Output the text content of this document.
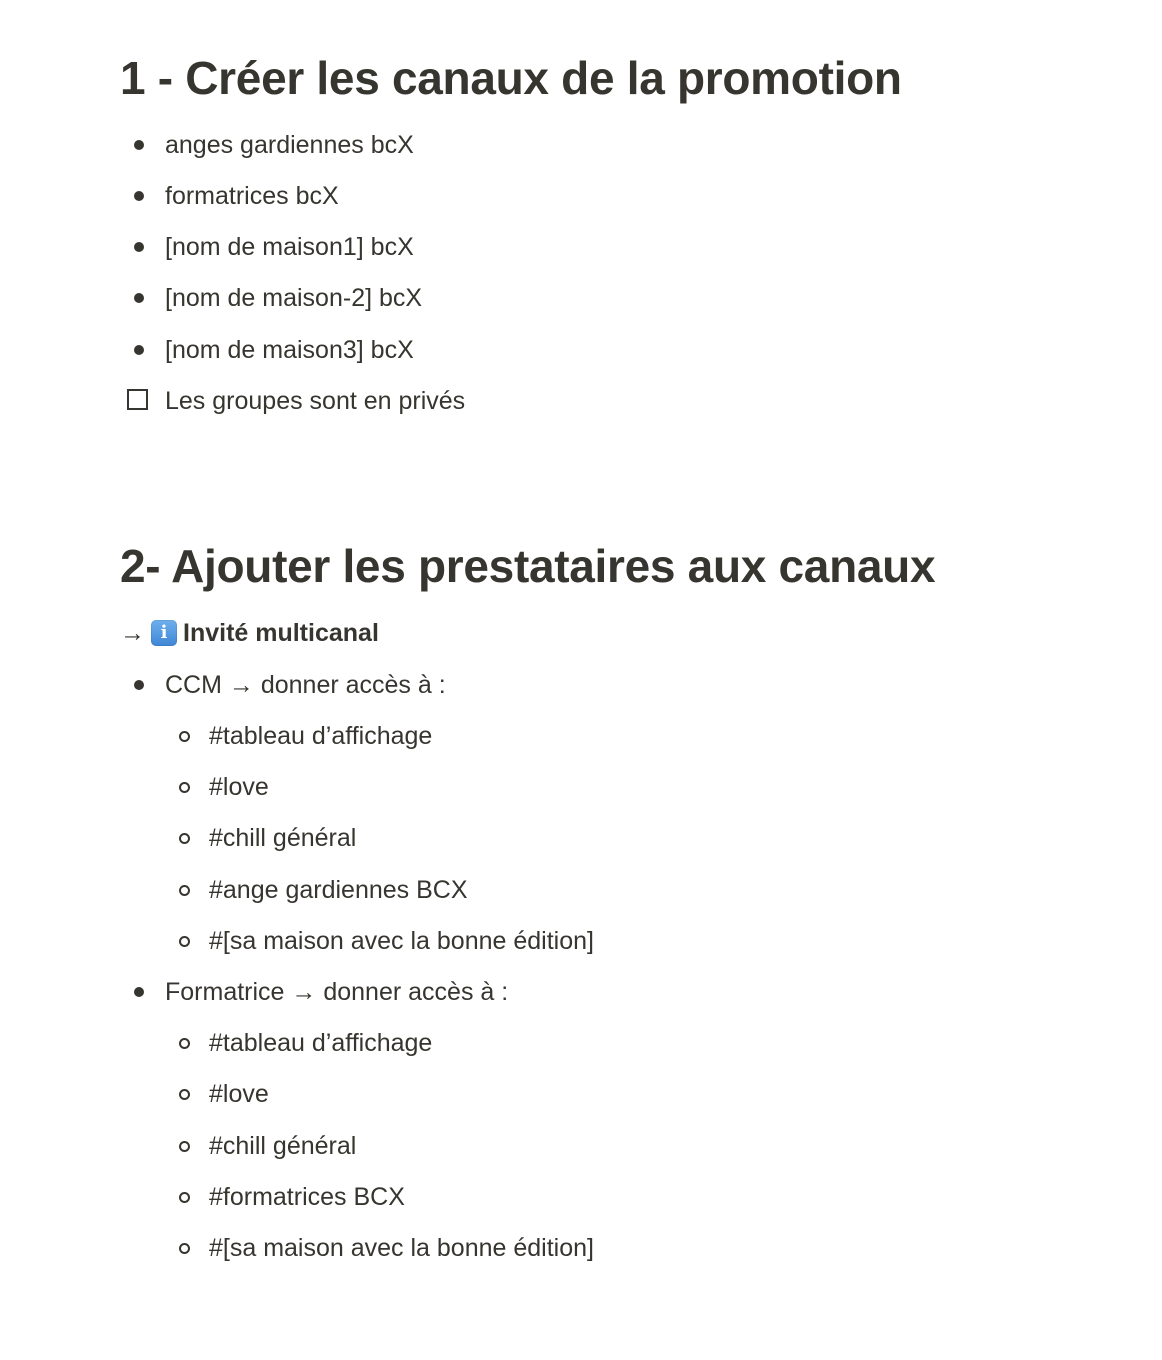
1 - Créer les canaux de la promotion
anges gardiennes bcX
formatrices bcX
[nom de maison1] bcX
[nom de maison-2] bcX
[nom de maison3] bcX
Les groupes sont en privés
2- Ajouter les prestataires aux canaux
→ i Invité multicanal
CCM → donner accès à :
#tableau d’affichage
#love
#chill général
#ange gardiennes BCX
#[sa maison avec la bonne édition]
Formatrice → donner accès à :
#tableau d’affichage
#love
#chill général
#formatrices BCX
#[sa maison avec la bonne édition]
